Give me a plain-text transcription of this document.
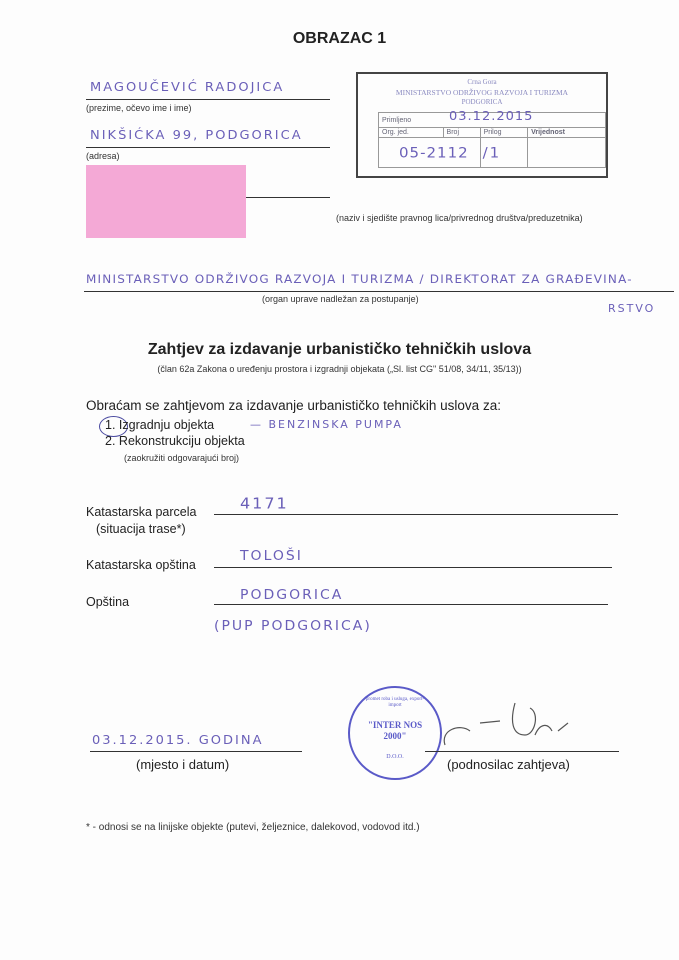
OBRAZAC 1
MAGOUČEVIĆ RADOJICA
(prezime, očevo ime i ime)
NIKŠIĆKA 99, PODGORICA
(adresa)
(naziv i sjedište pravnog lica/privrednog društva/preduzetnika)
Crna Gora
MINISTARSTVO ODRŽIVOG RAZVOJA I TURIZMA
PODGORICA
Primljeno 03.12.2015			

Org. jed.	Broj	Prilog	Vrijednost

05-2112		/1	

MINISTARSTVO ODRŽIVOG RAZVOJA I TURIZMA / DIREKTORAT ZA GRAĐEVINA-
(organ uprave nadležan za postupanje)
RSTVO
Zahtjev za izdavanje urbanističko tehničkih uslova
(član 62a Zakona o uređenju prostora i izgradnji objekata („Sl. list CG" 51/08, 34/11, 35/13))
Obraćam se zahtjevom za izdavanje urbanističko tehničkih uslova za:
1. Izgradnju objekta	— BENZINSKA PUMPA
2. Rekonstrukciju objekta
(zaokružiti odgovarajući broj)
Katastarska parcela
(situacija trase*)
4171
Katastarska opština
TOLOŠI
Opština	PODGORICA
(PUP PODGORICA)
03.12.2015. GODINA
(mjesto i datum)
promet roba i usluga, export-import
"INTER NOS 2000"
D.O.O.	(podnosilac zahtjeva)
* - odnosi se na linijske objekte (putevi, željeznice, dalekovod, vodovod itd.)
